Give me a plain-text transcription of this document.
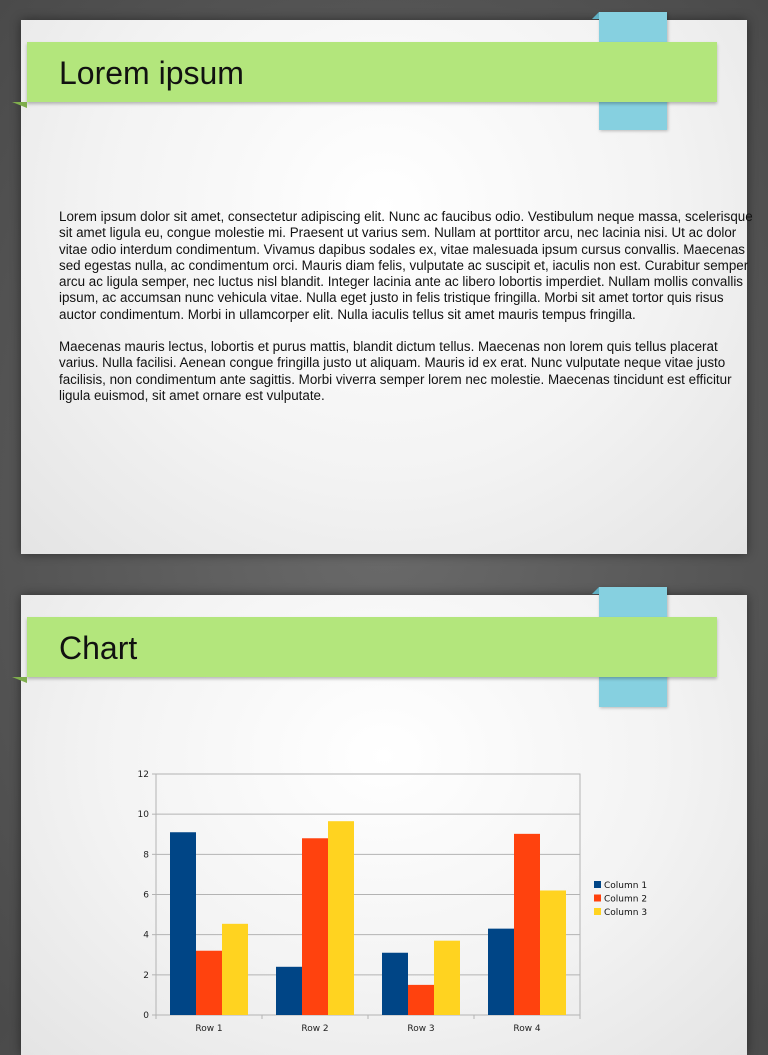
Lorem ipsum

Lorem ipsum dolor sit amet, consectetur adipiscing elit. Nunc ac faucibus odio. Vestibulum neque massa, scelerisque sit amet ligula eu, congue molestie mi. Praesent ut varius sem. Nullam at porttitor arcu, nec lacinia nisi. Ut ac dolor vitae odio interdum condimentum. Vivamus dapibus sodales ex, vitae malesuada ipsum cursus convallis. Maecenas sed egestas nulla, ac condimentum orci. Mauris diam felis, vulputate ac suscipit et, iaculis non est. Curabitur semper arcu ac ligula semper, nec luctus nisl blandit. Integer lacinia ante ac libero lobortis imperdiet. Nullam mollis convallis ipsum, ac accumsan nunc vehicula vitae. Nulla eget justo in felis tristique fringilla. Morbi sit amet tortor quis risus auctor condimentum. Morbi in ullamcorper elit. Nulla iaculis tellus sit amet mauris tempus fringilla.

Maecenas mauris lectus, lobortis et purus mattis, blandit dictum tellus. Maecenas non lorem quis tellus placerat varius. Nulla facilisi. Aenean congue fringilla justo ut aliquam. Mauris id ex erat. Nunc vulputate neque vitae justo facilisis, non condimentum ante sagittis. Morbi viverra semper lorem nec molestie. Maecenas tincidunt est efficitur ligula euismod, sit amet ornare est vulputate.

Chart
0
2
4
6
8
10
12
Row 1	Row 2	Row 3	Row 4
Column 1
Column 2
Column 3
